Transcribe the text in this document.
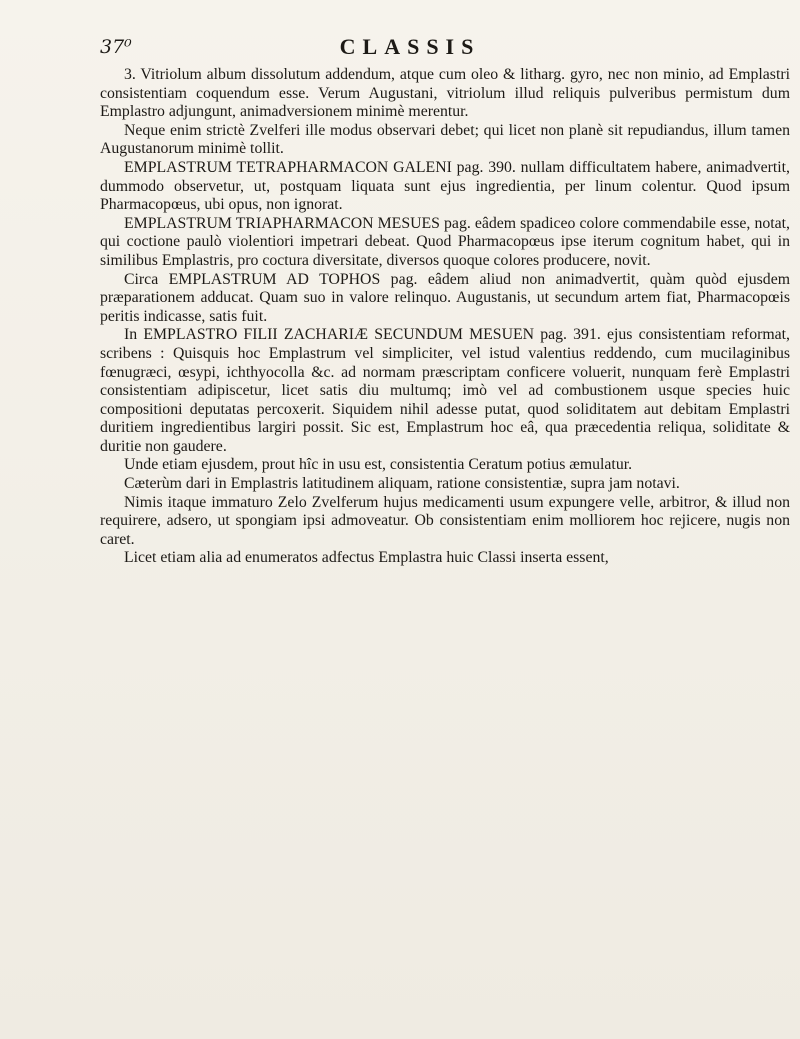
37⁰	CLASSIS

3. Vitriolum album dissolutum addendum, atque cum oleo & litharg. gyro, nec non minio, ad Emplastri consistentiam coquendum esse. Verum Augustani, vitriolum illud reliquis pulveribus permistum dum Emplastro adjungunt, animadversionem minimè merentur.

Neque enim strictè Zvelferi ille modus observari debet; qui licet non planè sit repudiandus, illum tamen Augustanorum minimè tollit.

EMPLASTRUM TETRAPHARMACON GALENI pag. 390. nullam difficultatem habere, animadvertit, dummodo observetur, ut, postquam liquata sunt ejus ingredientia, per linum colentur. Quod ipsum Pharmacopœus, ubi opus, non ignorat.

EMPLASTRUM TRIAPHARMACON MESUES pag. eâdem spadiceo colore commendabile esse, notat, qui coctione paulò violentiori impetrari debeat. Quod Pharmacopœus ipse iterum cognitum habet, qui in similibus Emplastris, pro coctura diversitate, diversos quoque colores producere, novit.

Circa EMPLASTRUM AD TOPHOS pag. eâdem aliud non animadvertit, quàm quòd ejusdem præparationem adducat. Quam suo in valore relinquo. Augustanis, ut secundum artem fiat, Pharmacopœis peritis indicasse, satis fuit.

In EMPLASTRO FILII ZACHARIÆ SECUNDUM MESUEN pag. 391. ejus consistentiam reformat, scribens : Quisquis hoc Emplastrum vel simpliciter, vel istud valentius reddendo, cum mucilaginibus fœnugræci, œsypi, ichthyocolla &c. ad normam præscriptam conficere voluerit, nunquam ferè Emplastri consistentiam adipiscetur, licet satis diu multumq; imò vel ad combustionem usque species huic compositioni deputatas percoxerit. Siquidem nihil adesse putat, quod soliditatem aut debitam Emplastri duritiem ingredientibus largiri possit. Sic est, Emplastrum hoc eâ, qua præcedentia reliqua, soliditate & duritie non gaudere.

Unde etiam ejusdem, prout hîc in usu est, consistentia Ceratum potius æmulatur.

Cæterùm dari in Emplastris latitudinem aliquam, ratione consistentiæ, supra jam notavi.

Nimis itaque immaturo Zelo Zvelferum hujus medicamenti usum expungere velle, arbitror, & illud non requirere, adsero, ut spongiam ipsi admoveatur. Ob consistentiam enim molliorem hoc rejicere, nugis non caret.

Licet etiam alia ad enumeratos adfectus Emplastra huic Classi inserta essent,
